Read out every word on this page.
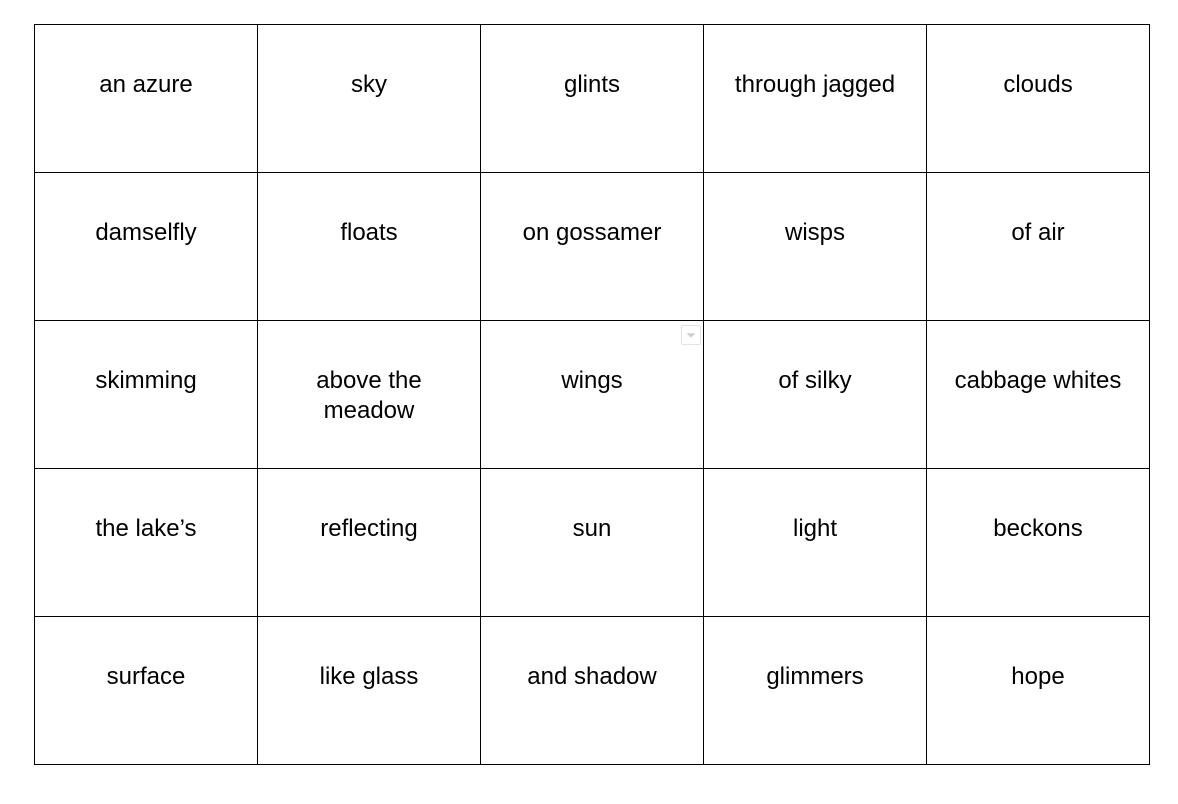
an azure	sky	glints	through jagged	clouds

damselfly	floats	on gossamer	wisps	of air

skimming	above the meadow	wings	of silky	cabbage whites

the lake’s	reflecting	sun	light	beckons

surface	like glass	and shadow	glimmers	hope
